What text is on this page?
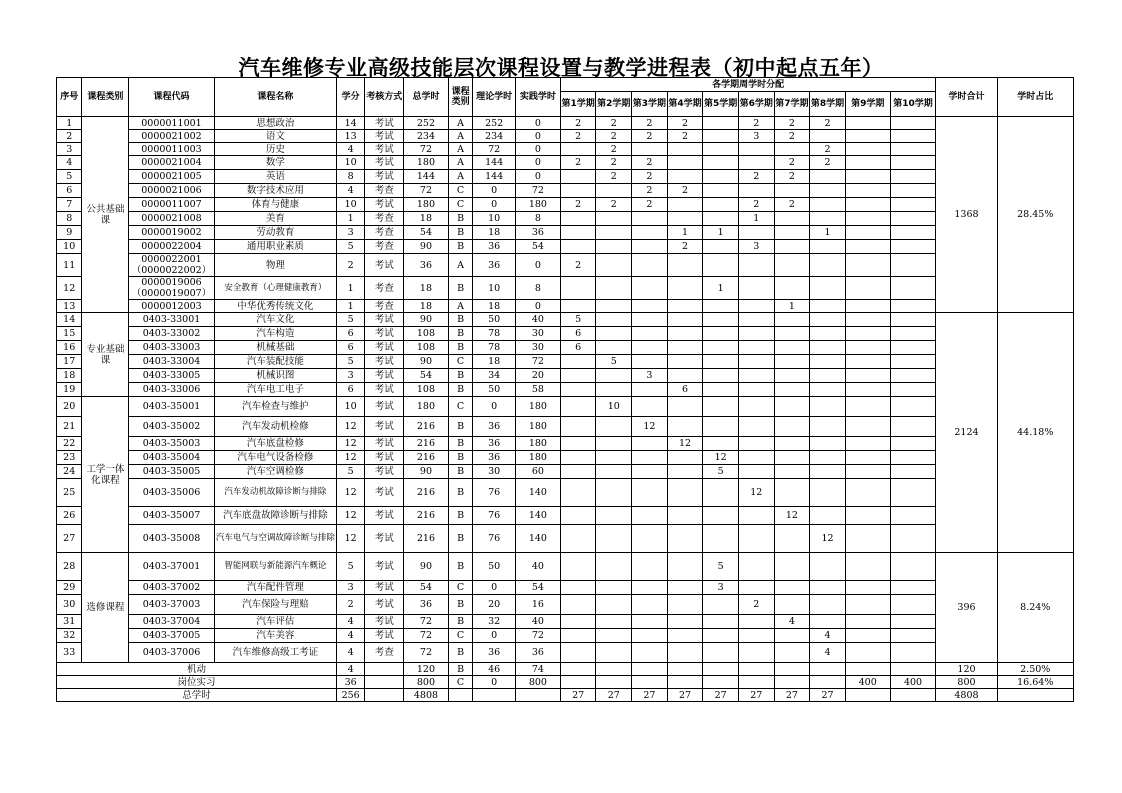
汽车维修专业高级技能层次课程设置与教学进程表（初中起点五年）
序号	课程类别	课程代码	课程名称	学分	考核方式	总学时	课程类别	理论学时	实践学时	各学期周学时分配										学时合计	学时占比
										第1学期	第2学期	第3学期	第4学期	第5学期	第6学期	第7学期	第8学期	第9学期	第10学期		
1	公共基础课	0000011001	思想政治	14	考试	252	A	252	0	2	2	2	2		2	2	2			1368	28.45%
2		0000021002	语文	13	考试	234	A	234	0	2	2	2	2		3	2					
3		0000011003	历史	4	考试	72	A	72	0		2						2				
4		0000021004	数学	10	考试	180	A	144	0	2	2	2				2	2				
5		0000021005	英语	8	考试	144	A	144	0		2	2			2	2					
6		0000021006	数字技术应用	4	考查	72	C	0	72			2	2								
7		0000011007	体育与健康	10	考试	180	C	0	180	2	2	2			2	2					
8		0000021008	美育	1	考查	18	B	10	8						1						
9		0000019002	劳动教育	3	考查	54	B	18	36				1	1			1				
10		0000022004	通用职业素质	5	考查	90	B	36	54				2		3						
11		0000022001（0000022002）	物理	2	考试	36	A	36	0	2											
12		0000019006（0000019007）	安全教育（心理健康教育）	1	考查	18	B	10	8					1							
13		0000012003	中华优秀传统文化	1	考查	18	A	18	0							1					
14	专业基础课	0403-33001	汽车文化	5	考试	90	B	50	40	5										2124	44.18%
15		0403-33002	汽车构造	6	考试	108	B	78	30	6											
16		0403-33003	机械基础	6	考试	108	B	78	30	6											
17		0403-33004	汽车装配技能	5	考试	90	C	18	72		5										
18		0403-33005	机械识图	3	考试	54	B	34	20			3									
19		0403-33006	汽车电工电子	6	考试	108	B	50	58				6								
20	工学一体化课程	0403-35001	汽车检查与维护	10	考试	180	C	0	180		10										
21		0403-35002	汽车发动机检修	12	考试	216	B	36	180			12									
22		0403-35003	汽车底盘检修	12	考试	216	B	36	180				12								
23		0403-35004	汽车电气设备检修	12	考试	216	B	36	180					12							
24		0403-35005	汽车空调检修	5	考试	90	B	30	60					5							
25		0403-35006	汽车发动机故障诊断与排除	12	考试	216	B	76	140						12						
26		0403-35007	汽车底盘故障诊断与排除	12	考试	216	B	76	140							12					
27		0403-35008	汽车电气与空调故障诊断与排除	12	考试	216	B	76	140								12				
28	选修课程	0403-37001	智能网联与新能源汽车概论	5	考试	90	B	50	40					5						396	8.24%
29		0403-37002	汽车配件管理	3	考试	54	C	0	54					3							
30		0403-37003	汽车保险与理赔	2	考试	36	B	20	16						2						
31		0403-37004	汽车评估	4	考试	72	B	32	40							4					
32		0403-37005	汽车美容	4	考试	72	C	0	72								4				
33		0403-37006	汽车维修高级工考证	4	考查	72	B	36	36								4				
机动				4		120	B	46	74											120	2.50%
岗位实习				36		800	C	0	800									400	400	800	16.64%
总学时				256		4808				27	27	27	27	27	27	27	27			4808	
